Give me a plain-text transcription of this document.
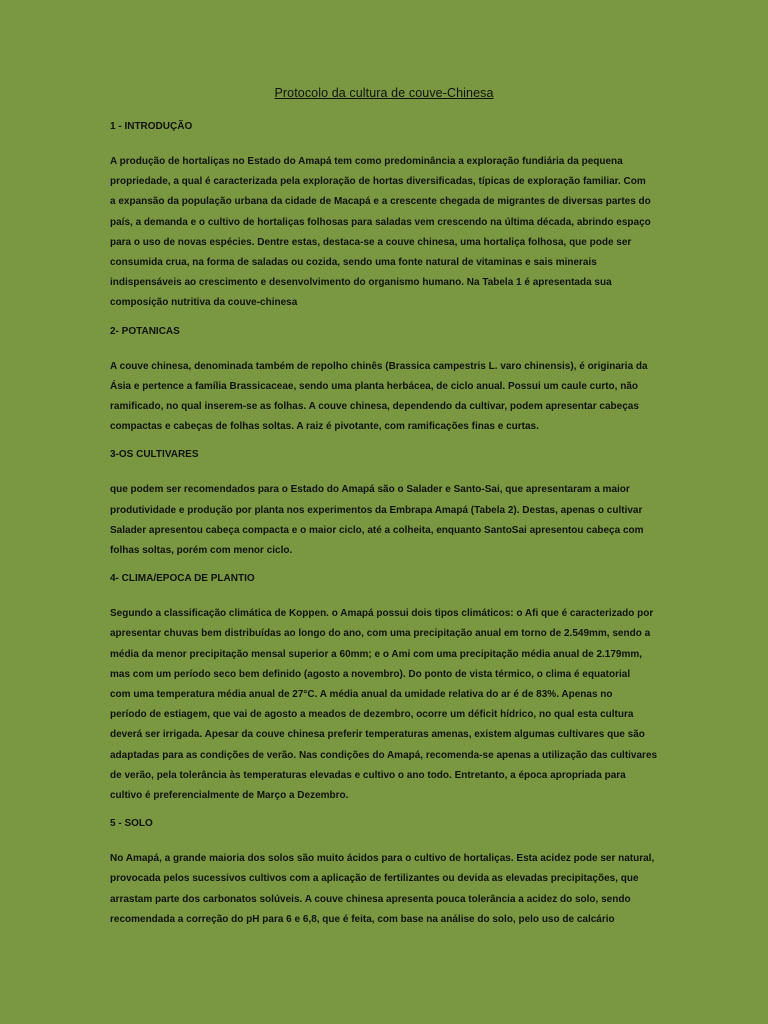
Protocolo da cultura de couve-Chinesa
1 - INTRODUÇÃO
A produção de hortaliças no Estado do Amapá tem como predominância a exploração fundiária da pequena
propriedade, a qual é caracterizada pela exploração de hortas diversificadas, típicas de exploração familiar. Com
a expansão da população urbana da cidade de Macapá e a crescente chegada de migrantes de diversas partes do
país, a demanda e o cultivo de hortaliças folhosas para saladas vem crescendo na última década, abrindo espaço
para o uso de novas espécies. Dentre estas, destaca-se a couve chinesa, uma hortaliça folhosa, que pode ser
consumida crua, na forma de saladas ou cozida, sendo uma fonte natural de vitaminas e sais minerais
indispensáveis ao crescimento e desenvolvimento do organismo humano. Na Tabela 1 é apresentada sua
composição nutritiva da couve-chinesa
2- POTANICAS
A couve chinesa, denominada também de repolho chinês (Brassica campestris L. varo chinensis), é originaria da
Ásia e pertence a família Brassicaceae, sendo uma planta herbácea, de ciclo anual. Possui um caule curto, não
ramificado, no qual inserem-se as folhas. A couve chinesa, dependendo da cultivar, podem apresentar cabeças
compactas e cabeças de folhas soltas. A raiz é pivotante, com ramificações finas e curtas.
3-OS CULTIVARES
que podem ser recomendados para o Estado do Amapá são o Salader e Santo-Sai, que apresentaram a maior
produtividade e produção por planta nos experimentos da Embrapa Amapá (Tabela 2). Destas, apenas o cultivar
Salader apresentou cabeça compacta e o maior ciclo, até a colheita, enquanto SantoSai apresentou cabeça com
folhas soltas, porém com menor ciclo.
4- CLIMA/EPOCA DE PLANTIO
Segundo a classificação climática de Koppen. o Amapá possui dois tipos climáticos: o Afi que é caracterizado por
apresentar chuvas bem distribuídas ao longo do ano, com uma precipitação anual em torno de 2.549mm, sendo a
média da menor precipitação mensal superior a 60mm; e o Ami com uma precipitação média anual de 2.179mm,
mas com um período seco bem definido (agosto a novembro). Do ponto de vista térmico, o clima é equatorial
com uma temperatura média anual de 27°C. A média anual da umidade relativa do ar é de 83%. Apenas no
período de estiagem, que vai de agosto a meados de dezembro, ocorre um déficit hídrico, no qual esta cultura
deverá ser irrigada. Apesar da couve chinesa preferir temperaturas amenas, existem algumas cultivares que são
adaptadas para as condições de verão. Nas condições do Amapá, recomenda-se apenas a utilização das cultivares
de verão, pela tolerância às temperaturas elevadas e cultivo o ano todo. Entretanto, a época apropriada para
cultivo é preferencialmente de Março a Dezembro.
5 - SOLO
No Amapá, a grande maioria dos solos são muito ácidos para o cultivo de hortaliças. Esta acidez pode ser natural,
provocada pelos sucessivos cultivos com a aplicação de fertilizantes ou devida as elevadas precipitações, que
arrastam parte dos carbonatos solúveis. A couve chinesa apresenta pouca tolerância a acidez do solo, sendo
recomendada a correção do pH para 6 e 6,8, que é feita, com base na análise do solo, pelo uso de calcário
